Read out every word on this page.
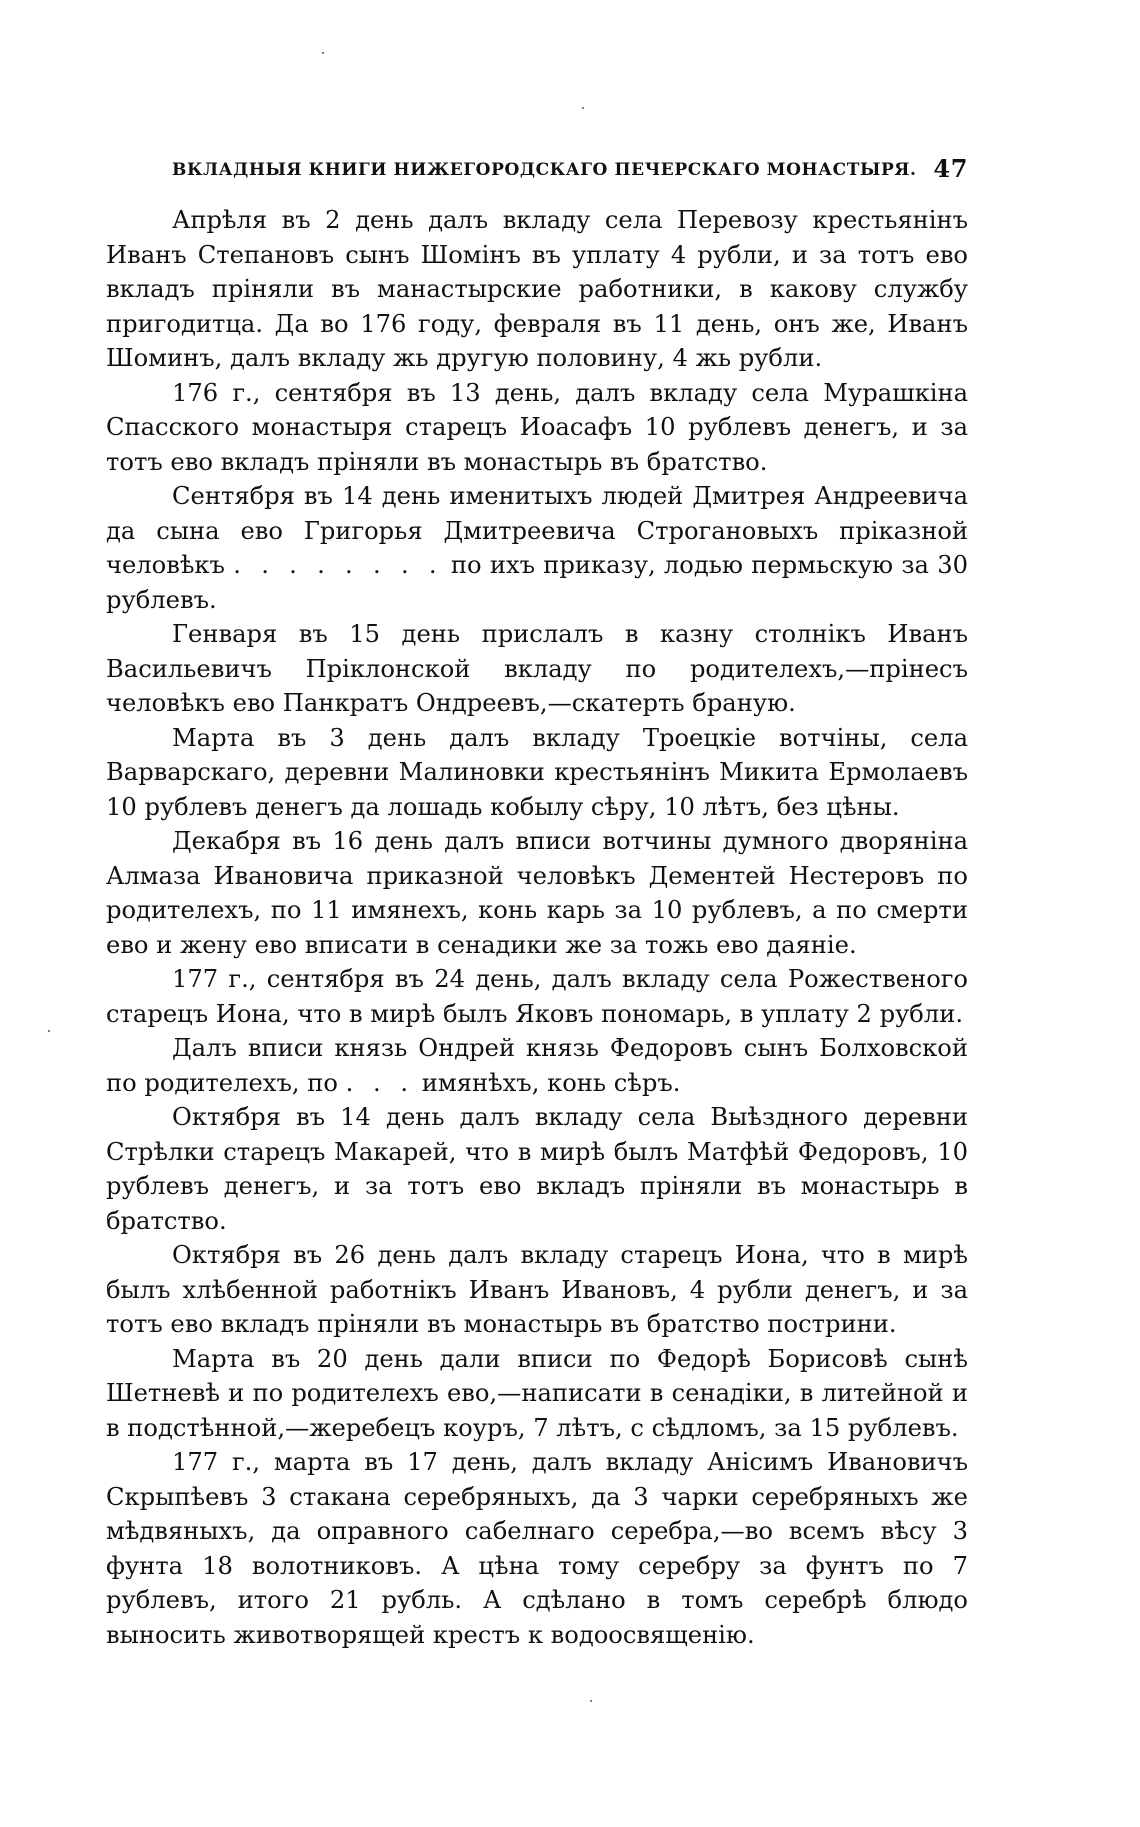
ВКЛАДНЫЯ КНИГИ НИЖЕГОРОДСКАГО ПЕЧЕРСКАГО МОНАСТЫРЯ. 47

Апрѣля въ 2 день далъ вкладу села Перевозу крестьянінъ Иванъ Степановъ сынъ Шомінъ въ уплату 4 рубли, и за тотъ ево вкладъ пріняли въ манастырские работники, в какову службу пригодитца. Да во 176 году, февраля въ 11 день, онъ же, Иванъ Шоминъ, далъ вкладу жь другую половину, 4 жь рубли.

176 г., сентября въ 13 день, далъ вкладу села Мурашкіна Спасского монастыря старецъ Иоасафъ 10 рублевъ денегъ, и за тотъ ево вкладъ пріняли въ монастырь въ братство.

Сентября въ 14 день именитыхъ людей Дмитрея Андреевича да сына ево Григорья Дмитреевича Строгановыхъ пріказной человѣкъ . . . . . . . . по ихъ приказу, лодью пермьскую за 30 рублевъ.

Генваря въ 15 день прислалъ в казну столнікъ Иванъ Васильевичъ Пріклонской вкладу по родителехъ,—прінесъ человѣкъ ево Панкратъ Ондреевъ,—скатерть браную.

Марта въ 3 день далъ вкладу Троецкіе вотчіны, села Варварскаго, деревни Малиновки крестьянінъ Микита Ермолаевъ 10 рублевъ денегъ да лошадь кобылу сѣру, 10 лѣтъ, без цѣны.

Декабря въ 16 день далъ вписи вотчины думного дворяніна Алмаза Ивановича приказной человѣкъ Дементей Нестеровъ по родителехъ, по 11 имянехъ, конь карь за 10 рублевъ, а по смерти ево и жену ево вписати в сенадики же за тожь ево даяніе.

177 г., сентября въ 24 день, далъ вкладу села Рожественого старецъ Иона, что в мирѣ былъ Яковъ пономарь, в уплату 2 рубли.

Далъ вписи князь Ондрей князь Федоровъ сынъ Болховской по родителехъ, по . . . имянѣхъ, конь сѣръ.

Октября въ 14 день далъ вкладу села Выѣздного деревни Стрѣлки старецъ Макарей, что в мирѣ былъ Матфѣй Федоровъ, 10 рублевъ денегъ, и за тотъ ево вкладъ пріняли въ монастырь в братство.

Октября въ 26 день далъ вкладу старецъ Иона, что в мирѣ былъ хлѣбенной работнікъ Иванъ Ивановъ, 4 рубли денегъ, и за тотъ ево вкладъ пріняли въ монастырь въ братство пострини.

Марта въ 20 день дали вписи по Федорѣ Борисовѣ сынѣ Шетневѣ и по родителехъ ево,—написати в сенадіки, в литейной и в подстѣнной,—жеребецъ коуръ, 7 лѣтъ, с сѣдломъ, за 15 рублевъ.

177 г., марта въ 17 день, далъ вкладу Анісимъ Ивановичъ Скрыпѣевъ 3 стакана серебряныхъ, да 3 чарки серебряныхъ же мѣдвяныхъ, да оправного сабелнаго серебра,—во всемъ вѣсу 3 фунта 18 волотниковъ. А цѣна тому серебру за фунтъ по 7 рублевъ, итого 21 рубль. А сдѣлано в томъ серебрѣ блюдо выносить животворящей крестъ к водоосвященію.
